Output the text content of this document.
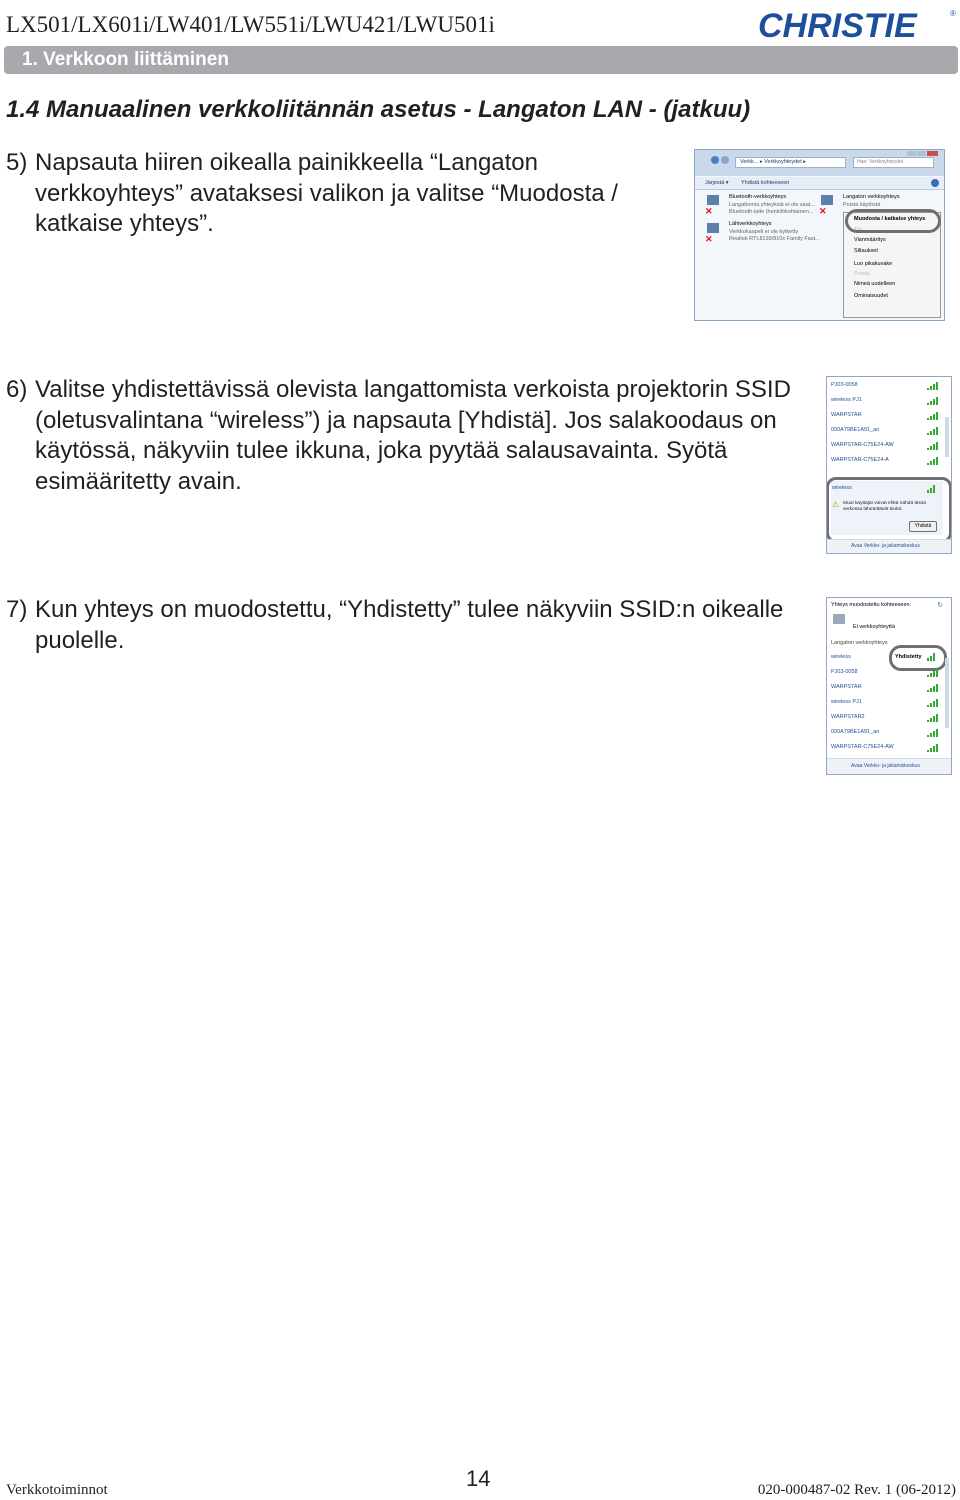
LX501/LX601i/LW401/LW551i/LWU421/LWU501i	CHRISTIE	®
1. Verkkoon liittäminen
1.4 Manuaalinen verkkoliitännän asetus - Langaton LAN - (jatkuu)
5) Napsauta hiiren oikealla painikkeella “Langaton verkkoyhteys” avataksesi valikon ja valitse “Muodosta / katkaise yhteys”.
Verkk... ▸ Verkkoyhteydet ▸	Hae: Verkkoyhteydet
Järjestä ▾ Yhdistä kohteeseen
✕
Bluetooth-verkkoyhteys
Langattomia yhteyksiä ei ole saat...
Bluetooth-laite (henkilökohtainen...
✕
Lähiverkkoyhteys
Verkkokaapeli ei ole kytketty
Realtek RTL8139/810x Family Fast...
✕
Langaton verkkoyhteys
Poista käytöstä
Muodosta / katkaise yhteys
Tila
Vianmääritys
Siltaukset
Luo pikakuvake
Poista
Nimeä uudelleen
Ominaisuudet
6) Valitse yhdistettävissä olevista langattomista verkoista projektorin SSID (oletusvalintana “wireless”) ja napsauta [Yhdistä]. Jos salakoodaus on käytössä, näkyviin tulee ikkuna, joka pyytää salausavainta. Syötä esimääritetty avain.
PJ03-0058
wireless PJ1
WARPSTAR
000A79BE1A91_an
WARPSTAR-C75E24-AW
WARPSTAR-C75E24-A
wireless
⚠ Muut käyttäjät voivat ehkä nähdä tässä verkossa lähetettävät tiedot.
Yhdistä
Avaa Verkko- ja jakamiskeskus
7) Kun yhteys on muodostettu, “Yhdistetty” tulee näkyviin SSID:n oikealle puolelle.
Yhteys muodostettu kohteeseen:	↻
Ei verkkoyhteyttä
Langaton verkkoyhteys
wireless	Yhdistetty
PJ03-0058
WARPSTAR
wireless PJ1
WARPSTAR2
000A79BE1A91_an
WARPSTAR-C75E24-AW
Avaa Verkko- ja jakamiskeskus
Verkkotoiminnot	14	020-000487-02 Rev. 1 (06-2012)
